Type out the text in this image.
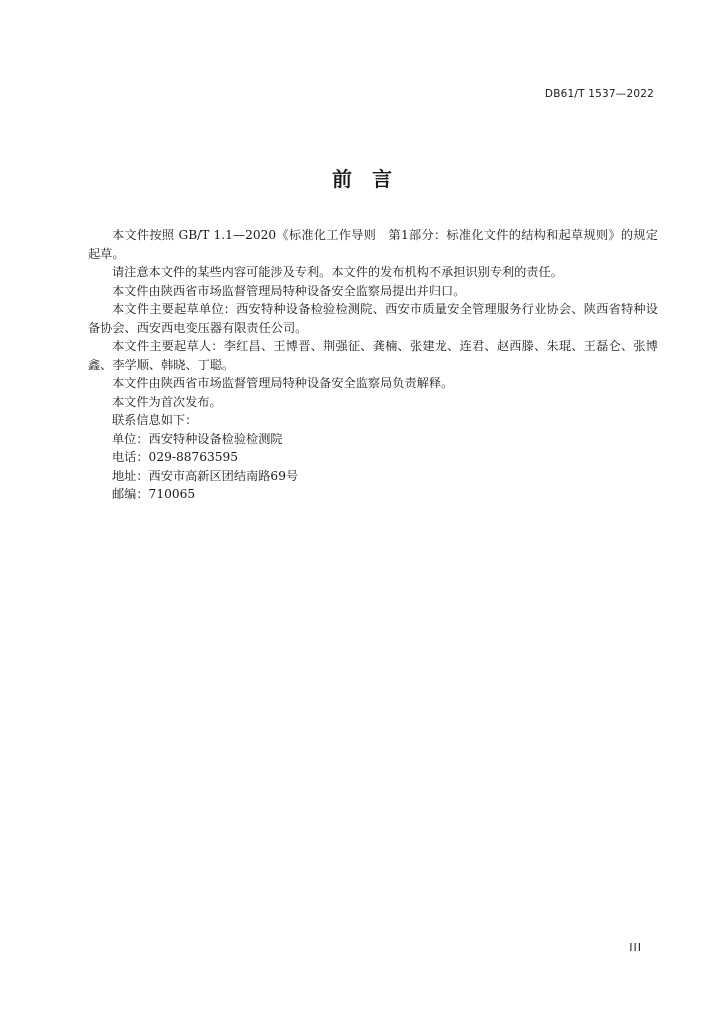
DB61/T 1537—2022
前　言

本文件按照 GB/T 1.1—2020《标准化工作导则　第1部分：标准化文件的结构和起草规则》的规定起草。

请注意本文件的某些内容可能涉及专利。本文件的发布机构不承担识别专利的责任。

本文件由陕西省市场监督管理局特种设备安全监察局提出并归口。

本文件主要起草单位：西安特种设备检验检测院、西安市质量安全管理服务行业协会、陕西省特种设备协会、西安西电变压器有限责任公司。

本文件主要起草人：李红昌、王博晋、荆强征、龚楠、张建龙、连君、赵西滕、朱琨、王磊仑、张博鑫、李学顺、韩晓、丁聪。

本文件由陕西省市场监督管理局特种设备安全监察局负责解释。

本文件为首次发布。

联系信息如下：

单位：西安特种设备检验检测院

电话：029-88763595

地址：西安市高新区团结南路69号

邮编：710065

III
